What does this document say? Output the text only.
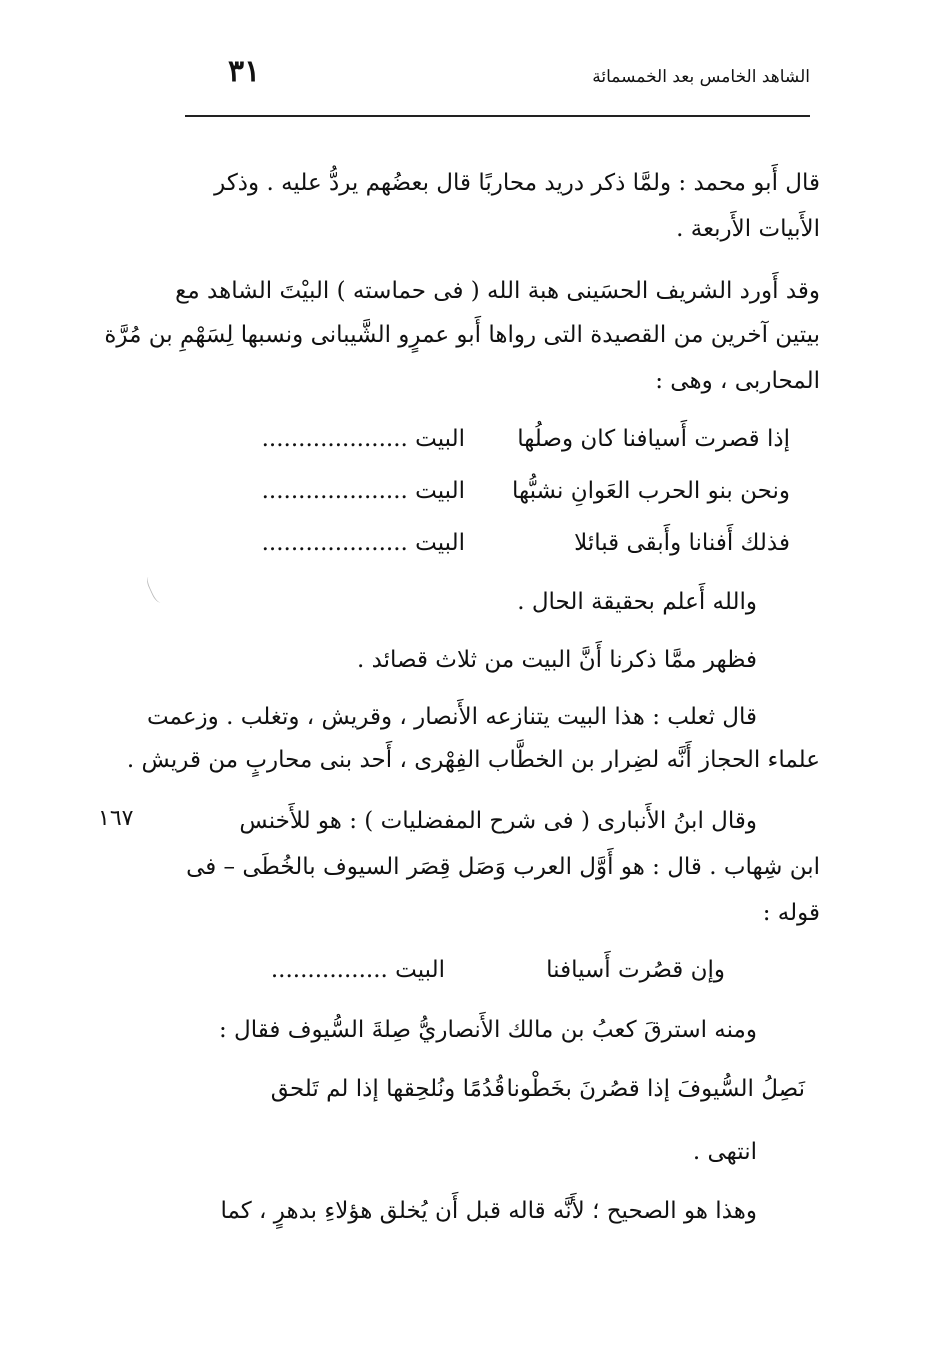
الشاهد الخامس بعد الخمسمائة
٣١
قال أَبو محمد : ولمَّا ذكر دريد محاربًا قال بعضُهم يردُّ عليه . وذكر
الأَبيات الأَربعة .
وقد أَورد الشريف الحسَينى هبة الله ( فى حماسته ) البيْتَ الشاهد مع
بيتين آخرين من القصيدة التى رواها أَبو عمرٍو الشَّيبانى ونسبها لِسَهْمِ بن مُرَّة
المحاربى ، وهى :
إذا قصرت أَسيافنا كان وصلُها
البيت ....................
ونحن بنو الحرب العَوانِ نشبُّها
البيت ....................
فذلك أَفنانا وأَبقى قبائلا
البيت ....................
والله أَعلم بحقيقة الحال .
فظهر ممَّا ذكرنا أَنَّ البيت من ثلاث قصائد .
قال ثعلب : هذا البيت يتنازعه الأَنصار ، وقريش ، وتغلب . وزعمت
علماء الحجاز أَنَّه لضِرار بن الخطَّاب الفِهْرى ، أَحد بنى محاربٍ من قريش .
١٦٧	وقال ابنُ الأَنبارى ( فى شرح المفضليات ) : هو للأَخنس
ابن شِهاب . قال : هو أَوَّل العرب وَصَل قِصَر السيوف بالخُطَى – فى
قوله :
وإن قصُرت أَسيافنا
البيت ................
ومنه استرقَ كعبُ بن مالك الأَنصاريُّ صِلةَ السُّيوف فقال :
نَصِلُ السُّيوفَ إذا قصُرنَ بخَطْونا
قُدُمًا ونُلحِقها إذا لم تَلحق
انتهى .
وهذا هو الصحيح ؛ لأَنَّه قاله قبل أَن يُخلق هؤلاءِ بدهرٍ ، كما
